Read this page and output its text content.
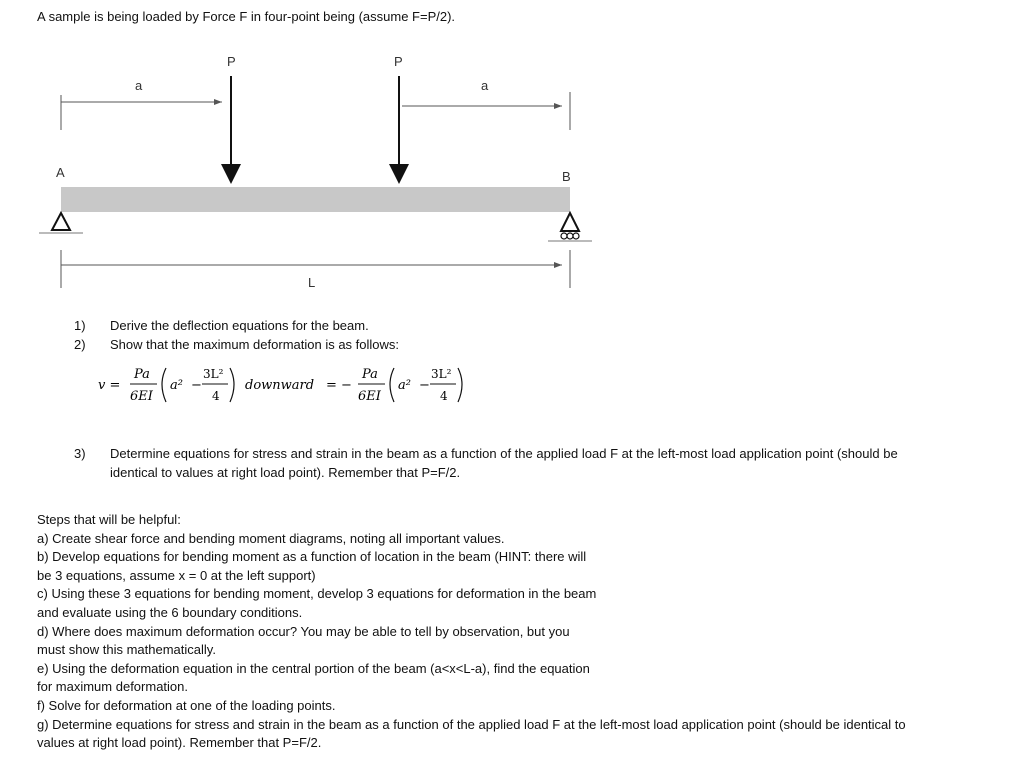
A sample is being loaded by Force F in four-point being (assume F=P/2).
a	a
P	P
A	B
L
1) Derive the deflection equations for the beam.
2) Show that the maximum deformation is as follows:
v =
Pa
6EI
a² −
3L²
4
downward = −
Pa
6EI
a² −
3L²
4
3) Determine equations for stress and strain in the beam as a function of the applied load F at the left-most load application point (should be
identical to values at right load point). Remember that P=F/2.
Steps that will be helpful:
a) Create shear force and bending moment diagrams, noting all important values.
b) Develop equations for bending moment as a function of location in the beam (HINT: there will
be 3 equations, assume x = 0 at the left support)
c) Using these 3 equations for bending moment, develop 3 equations for deformation in the beam
and evaluate using the 6 boundary conditions.
d) Where does maximum deformation occur? You may be able to tell by observation, but you
must show this mathematically.
e) Using the deformation equation in the central portion of the beam (a<x<L-a), find the equation
for maximum deformation.
f) Solve for deformation at one of the loading points.
g) Determine equations for stress and strain in the beam as a function of the applied load F at the left-most load application point (should be identical to
values at right load point). Remember that P=F/2.
